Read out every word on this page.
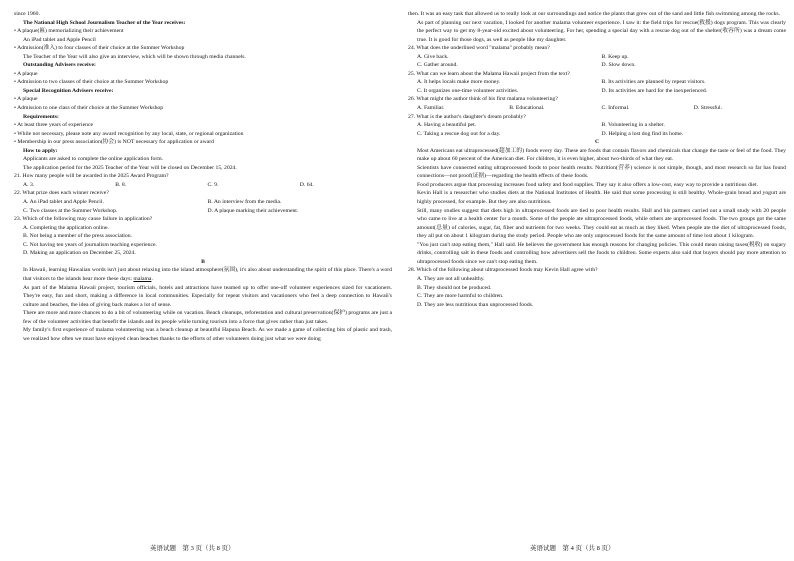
since 1960.
The National High School Journalism Teacher of the Year receives:
• A plaque(匾) memorializing their achievement
An iPad tablet and Apple Pencil
• Admission(准入) to four classes of their choice at the Summer Workshop
The Teacher of the Year will also give an interview, which will be shown through media channels.
Outstanding Advisers receive:
• A plaque
• Admission to two classes of their choice at the Summer Workshop
Special Recognition Advisers receive:
• A plaque
• Admission to one class of their choice at the Summer Workshop
Requirements:
• At least three years of experience
• While not necessary, please note any award recognition by any local, state, or regional organization
• Membership in our press association(协会) is NOT necessary for application or award
How to apply:
Applicants are asked to complete the online application form.
The application period for the 2025 Teacher of the Year will be closed on December 15, 2024.
21. How many people will be awarded in the 2025 Award Program?
A. 3.	B. 8.	C. 9.	D. 64.
22. What prize does each winner receive?
A. An iPad tablet and Apple Pencil.	B. An interview from the media.
C. Two classes at the Summer Workshop.	D. A plaque marking their achievement.
23. Which of the following may cause failure in application?
A. Completing the application online.
B. Not being a member of the press association.
C. Not having ten years of journalism teaching experience.
D. Making an application on December 25, 2024.
B
In Hawaii, learning Hawaiian words isn't just about relaxing into the island atmosphere(氛围), it's also about understanding the spirit of this place. There's a word that visitors to the islands hear more these days: malama.
As part of the Malama Hawaii project, tourism officials, hotels and attractions have teamed up to offer one-off volunteer experiences sized for vacationers. They're easy, fun and short, making a difference in local communities. Especially for repeat visitors and vacationers who feel a deep connection to Hawaii's culture and beaches, the idea of giving back makes a lot of sense.
There are more and more chances to do a bit of volunteering while on vacation. Beach cleanups, reforestation and cultural preservation(保护) programs are just a few of the volunteer activities that benefit the islands and its people while turning tourism into a force that gives rather than just takes.
My family's first experience of malama volunteering was a beach cleanup at beautiful Hapuna Beach. As we made a game of collecting bits of plastic and trash, we realized how often we must have enjoyed clean beaches thanks to the efforts of other volunteers doing just what we were doing
then. It was an easy task that allowed us to really look at our surroundings and notice the plants that grew out of the sand and little fish swimming among the rocks.
As part of planning our next vacation, I looked for another malama volunteer experience. I saw it: the field trips for rescue(救援) dogs program. This was clearly the perfect way to get my 8-year-old excited about volunteering. For her, spending a special day with a rescue dog out of the shelter(收容所) was a dream come true. It is good for those dogs, as well as people like my daughter.
24. What does the underlined word "malama" probably mean?
A. Give back.	B. Keep up.
C. Gather around.	D. Slow down.
25. What can we learn about the Malama Hawaii project from the text?
A. It helps locals make more money.	B. Its activities are planned by repeat visitors.
C. It organizes one-time volunteer activities.	D. Its activities are hard for the inexperienced.
26. What might the author think of his first malama volunteering?
A. Familiar.	B. Educational.	C. Informal.	D. Stressful.
27. What is the author's daughter's dream probably?
A. Having a beautiful pet.	B. Volunteering in a shelter.
C. Taking a rescue dog out for a day.	D. Helping a lost dog find its home.
C
Most Americans eat ultraprocessed(超加工的) foods every day. These are foods that contain flavors and chemicals that change the taste or feel of the food. They make up about 60 percent of the American diet. For children, it is even higher, about two-thirds of what they eat.
Scientists have connected eating ultraprocessed foods to poor health results. Nutrition(营养) science is not simple, though, and most research so far has found connections—not proof(证据)—regarding the health effects of these foods.
Food producers argue that processing increases food safety and food supplies. They say it also offers a low-cost, easy way to provide a nutritious diet.
Kevin Hall is a researcher who studies diets at the National Institutes of Health. He said that some processing is still healthy. Whole-grain bread and yogurt are highly processed, for example. But they are also nutritious.
Still, many studies suggest that diets high in ultraprocessed foods are tied to poor health results. Hall and his partners carried out a small study with 20 people who came to live at a health center for a month. Some of the people ate ultraprocessed foods, while others ate unprocessed foods. The two groups got the same amount(总量) of calories, sugar, fat, fiber and nutrients for two weeks. They could eat as much as they liked. When people ate the diet of ultraprocessed foods, they all put on about 1 kilogram during the study period. People who ate only unprocessed foods for the same amount of time lost about 1 kilogram.
"You just can't stop eating them," Hall said. He believes the government has enough reasons for changing policies. This could mean raising taxes(税收) on sugary drinks, controlling salt in these foods and controlling how advertisers sell the foods to children. Some experts also said that buyers should pay more attention to ultraprocessed foods since we can't stop eating them.
28. Which of the following about ultraprocessed foods may Kevin Hall agree with?
A. They are not all unhealthy.
B. They should not be produced.
C. They are more harmful to children.
D. They are less nutritious than unprocessed foods.
英语试题　第 3 页（共 8 页）	英语试题　第 4 页（共 8 页）
